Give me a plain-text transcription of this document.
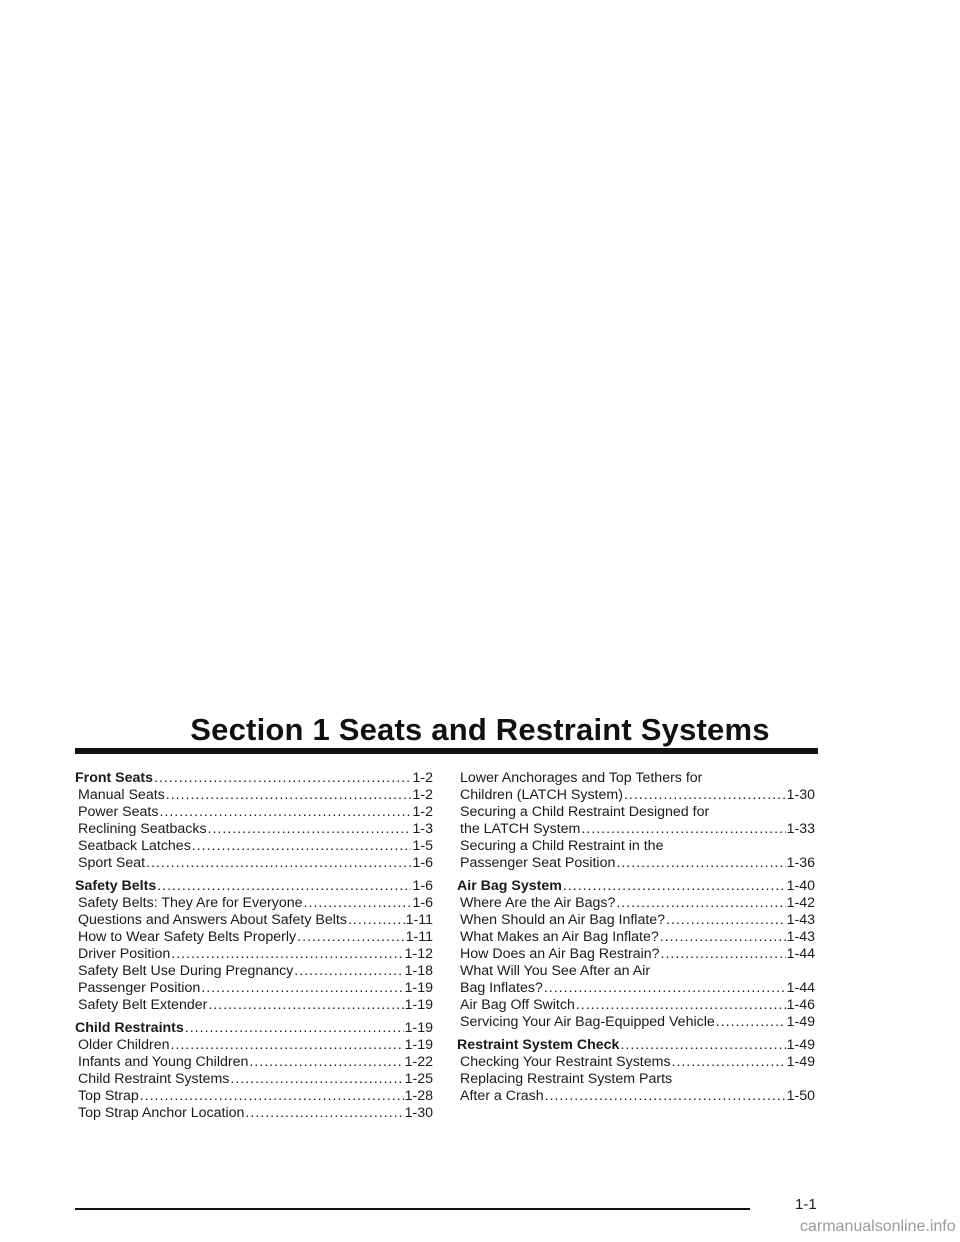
Section 1 Seats and Restraint Systems
Front Seats .....	1-2
Manual Seats .....	1-2
Power Seats .....	1-2
Reclining Seatbacks .....	1-3
Seatback Latches .....	1-5
Sport Seat .....	1-6
Safety Belts .....	1-6
Safety Belts: They Are for Everyone .....	1-6
Questions and Answers About Safety Belts .....	1-11
How to Wear Safety Belts Properly .....	1-11
Driver Position .....	1-12
Safety Belt Use During Pregnancy .....	1-18
Passenger Position .....	1-19
Safety Belt Extender .....	1-19
Child Restraints .....	1-19
Older Children .....	1-19
Infants and Young Children .....	1-22
Child Restraint Systems .....	1-25
Top Strap .....	1-28
Top Strap Anchor Location .....	1-30
Lower Anchorages and Top Tethers for
Children (LATCH System) .....	1-30
Securing a Child Restraint Designed for
the LATCH System .....	1-33
Securing a Child Restraint in the
Passenger Seat Position .....	1-36
Air Bag System .....	1-40
Where Are the Air Bags? .....	1-42
When Should an Air Bag Inflate? .....	1-43
What Makes an Air Bag Inflate? .....	1-43
How Does an Air Bag Restrain? .....	1-44
What Will You See After an Air
Bag Inflates? .....	1-44
Air Bag Off Switch .....	1-46
Servicing Your Air Bag-Equipped Vehicle .....	1-49
Restraint System Check .....	1-49
Checking Your Restraint Systems .....	1-49
Replacing Restraint System Parts
After a Crash .....	1-50
1-1
carmanualsonline.info
